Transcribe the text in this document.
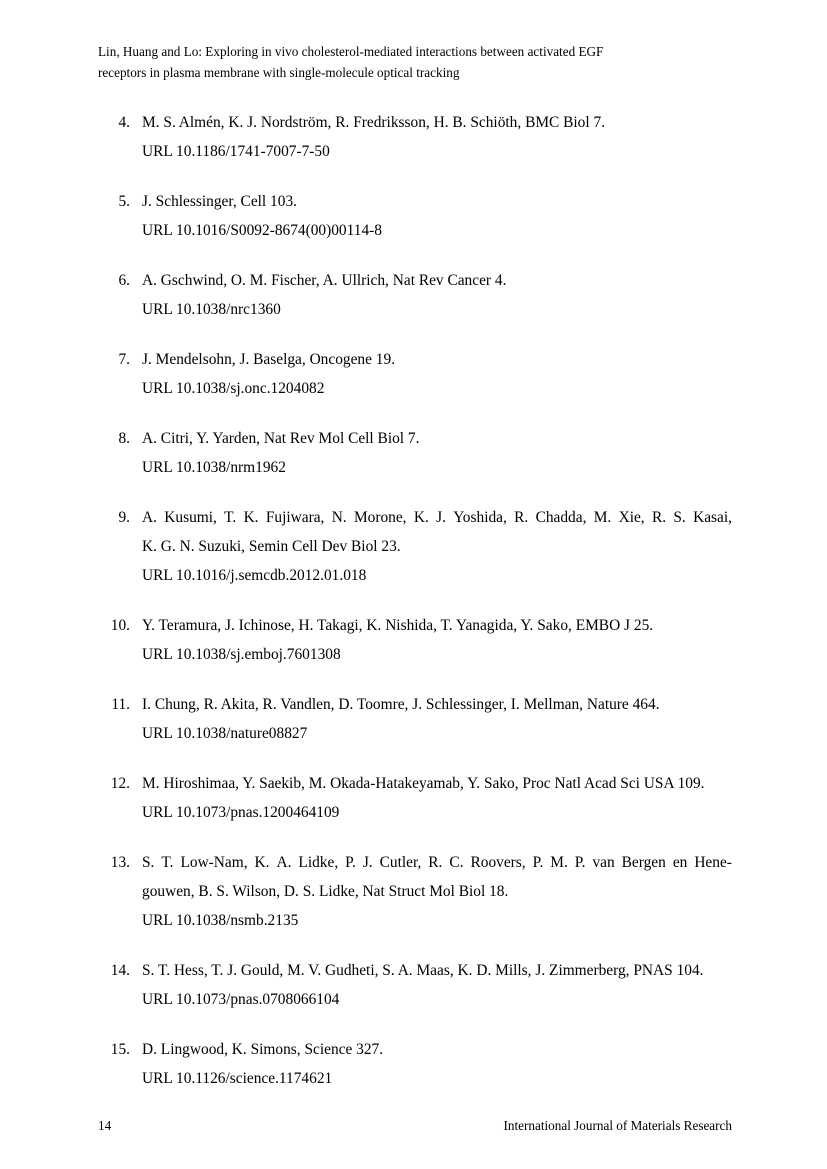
Lin, Huang and Lo: Exploring in vivo cholesterol-mediated interactions between activated EGF
receptors in plasma membrane with single-molecule optical tracking
4. M. S. Almén, K. J. Nordström, R. Fredriksson, H. B. Schiöth, BMC Biol 7.
URL 10.1186/1741-7007-7-50
5. J. Schlessinger, Cell 103.
URL 10.1016/S0092-8674(00)00114-8
6. A. Gschwind, O. M. Fischer, A. Ullrich, Nat Rev Cancer 4.
URL 10.1038/nrc1360
7. J. Mendelsohn, J. Baselga, Oncogene 19.
URL 10.1038/sj.onc.1204082
8. A. Citri, Y. Yarden, Nat Rev Mol Cell Biol 7.
URL 10.1038/nrm1962
9. A. Kusumi, T. K. Fujiwara, N. Morone, K. J. Yoshida, R. Chadda, M. Xie, R. S. Kasai,
K. G. N. Suzuki, Semin Cell Dev Biol 23.
URL 10.1016/j.semcdb.2012.01.018
10. Y. Teramura, J. Ichinose, H. Takagi, K. Nishida, T. Yanagida, Y. Sako, EMBO J 25.
URL 10.1038/sj.emboj.7601308
11. I. Chung, R. Akita, R. Vandlen, D. Toomre, J. Schlessinger, I. Mellman, Nature 464.
URL 10.1038/nature08827
12. M. Hiroshimaa, Y. Saekib, M. Okada-Hatakeyamab, Y. Sako, Proc Natl Acad Sci USA 109.
URL 10.1073/pnas.1200464109
13. S. T. Low-Nam, K. A. Lidke, P. J. Cutler, R. C. Roovers, P. M. P. van Bergen en Hene-
gouwen, B. S. Wilson, D. S. Lidke, Nat Struct Mol Biol 18.
URL 10.1038/nsmb.2135
14. S. T. Hess, T. J. Gould, M. V. Gudheti, S. A. Maas, K. D. Mills, J. Zimmerberg, PNAS 104.
URL 10.1073/pnas.0708066104
15. D. Lingwood, K. Simons, Science 327.
URL 10.1126/science.1174621
14	International Journal of Materials Research
